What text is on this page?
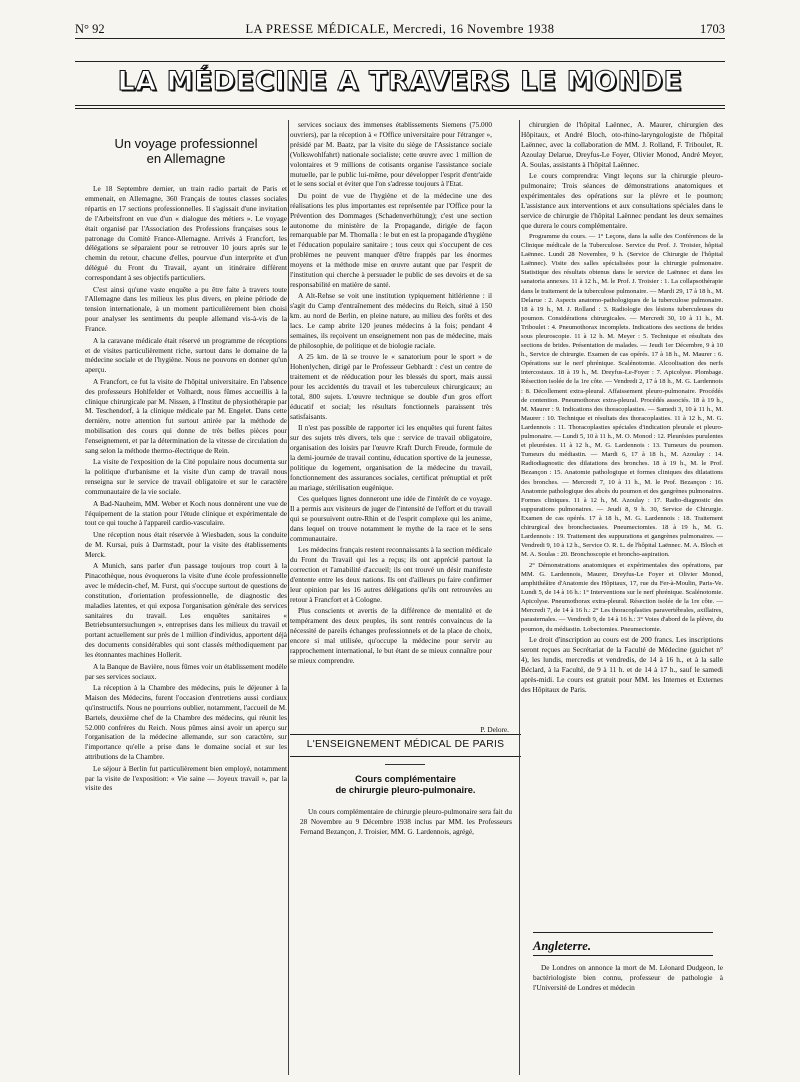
N° 92	LA PRESSE MÉDICALE, Mercredi, 16 Novembre 1938	1703
LA MÉDECINE A TRAVERS LE MONDE
Un voyage professionnel
en Allemagne

Le 18 Septembre dernier, un train radio partait de Paris et emmenait, en Allemagne, 360 Français de toutes classes sociales répartis en 17 sections professionnelles. Il s'agissait d'une invitation de l'Arbeitsfront en vue d'un « dialogue des métiers ». Le voyage était organisé par l'Association des Professions françaises sous le patronage du Comité France-Allemagne. Arrivés à Francfort, les délégations se séparaient pour se retrouver 10 jours après sur le chemin du retour, chacune d'elles, pourvue d'un interprète et d'un délégué du Front du Travail, ayant un itinéraire différent correspondant à ses objectifs particuliers.

C'est ainsi qu'une vaste enquête a pu être faite à travers toute l'Allemagne dans les milieux les plus divers, en pleine période de tension internationale, à un moment particulièrement bien choisi pour analyser les sentiments du peuple allemand vis-à-vis de la France.

A la caravane médicale était réservé un programme de réceptions et de visites particulièrement riche, surtout dans le domaine de la médecine sociale et de l'hygiène. Nous ne pouvons en donner qu'un aperçu.

A Francfort, ce fut la visite de l'hôpital universitaire. En l'absence des professeurs Hohlfelder et Volhardt, nous fûmes accueillis à la clinique chirurgicale par M. Nissen, à l'Institut de physiothérapie par M. Teschendorf, à la clinique médicale par M. Engelet. Dans cette dernière, notre attention fut surtout attirée par la méthode de mobilisation des cours qui donne de très belles pièces pour l'enseignement, et par la détermination de la vitesse de circulation du sang selon la méthode thermo-électrique de Rein.

La visite de l'exposition de la Cité populaire nous documenta sur la politique d'urbanisme et la visite d'un camp de travail nous renseigna sur le service de travail obligatoire et sur le caractère communautaire de la vie sociale.

A Bad-Nauheim, MM. Weber et Koch nous donnèrent une vue de l'équipement de la station pour l'étude clinique et expérimentale de tout ce qui touche à l'appareil cardio-vasculaire.

Une réception nous était réservée à Wiesbaden, sous la conduite de M. Kursai, puis à Darmstadt, pour la visite des établissements Merck.

A Munich, sans parler d'un passage toujours trop court à la Pinacothèque, nous évoquerons la visite d'une école professionnelle avec le médecin-chef, M. Furst, qui s'occupe surtout de questions de constitution, d'orientation professionnelle, de diagnostic des maladies latentes, et qui exposa l'organisation générale des services sanitaires du travail. Les enquêtes sanitaires « Betriebsuntersuchungen », entreprises dans les milieux du travail et portant actuellement sur près de 1 million d'individus, apportent déjà des documents considérables qui sont classés méthodiquement par les étonnantes machines Hollerit.

A la Banque de Bavière, nous fûmes voir un établissement modèle par ses services sociaux.

La réception à la Chambre des médecins, puis le déjeuner à la Maison des Médecins, furent l'occasion d'entretiens aussi cordiaux qu'instructifs. Nous ne pourrions oublier, notamment, l'accueil de M. Bartels, deuxième chef de la Chambre des médecins, qui réunit les 52.000 confrères du Reich. Nous pûmes ainsi avoir un aperçu sur l'organisation de la médecine allemande, sur son caractère, sur l'importance qu'elle a prise dans le domaine social et sur les attributions de la Chambre.

Le séjour à Berlin fut particulièrement bien employé, notamment par la visite de l'exposition: « Vie saine — Joyeux travail », par la visite des

services sociaux des immenses établissements Siemens (75.000 ouvriers), par la réception à « l'Office universitaire pour l'étranger », présidé par M. Baatz, par la visite du siège de l'Assistance sociale (Volkswohlfahrt) nationale socialiste; cette œuvre avec 1 million de volontaires et 9 millions de cotisants organise l'assistance sociale mutuelle, par le public lui-même, pour développer l'esprit d'entr'aide et le sens social et éviter que l'on s'adresse toujours à l'Etat.

Du point de vue de l'hygiène et de la médecine une des réalisations les plus importantes est représentée par l'Office pour la Prévention des Dommages (Schadenverhütung); c'est une section autonome du ministère de la Propagande, dirigée de façon remarquable par M. Thomalla : le but en est la propagande d'hygiène et l'éducation populaire sanitaire ; tous ceux qui s'occupent de ces problèmes ne peuvent manquer d'être frappés par les énormes moyens et la méthode mise en œuvre autant que par l'esprit de l'institution qui cherche à persuader le public de ses devoirs et de sa responsabilité en matière de santé.

A Alt-Rehse se voit une institution typiquement hitlérienne : il s'agit du Camp d'entraînement des médecins du Reich, situé à 150 km. au nord de Berlin, en pleine nature, au milieu des forêts et des lacs. Le camp abrite 120 jeunes médecins à la fois; pendant 4 semaines, ils reçoivent un enseignement non pas de médecine, mais de philosophie, de politique et de biologie raciale.

A 25 km. de là se trouve le « sanatorium pour le sport » de Hohenlychen, dirigé par le Professeur Gebhardt : c'est un centre de traitement et de rééducation pour les blessés du sport, mais aussi pour les accidentés du travail et les tuberculeux chirurgicaux; au total, 800 sujets. L'œuvre technique se double d'un gros effort éducatif et social; les résultats fonctionnels paraissent très satisfaisants.

Il n'est pas possible de rapporter ici les enquêtes qui furent faites sur des sujets très divers, tels que : service de travail obligatoire, organisation des loisirs par l'œuvre Kraft Durch Freude, formule de la demi-journée de travail continu, éducation sportive de la jeunesse, politique du logement, organisation de la médecine du travail, fonctionnement des assurances sociales, certificat prénuptial et prêt au mariage, stérilisation eugénique.

Ces quelques lignes donneront une idée de l'intérêt de ce voyage. Il a permis aux visiteurs de juger de l'intensité de l'effort et du travail qui se poursuivent outre-Rhin et de l'esprit complexe qui les anime, dans lequel on trouve notamment le mythe de la race et le sens communautaire.

Les médecins français restent reconnaissants à la section médicale du Front du Travail qui les a reçus; ils ont apprécié partout la correction et l'amabilité d'accueil; ils ont trouvé un désir manifeste d'entente entre les deux nations. Ils ont d'ailleurs pu faire confirmer leur opinion par les 16 autres délégations qu'ils ont retrouvées au retour à Francfort et à Cologne.

Plus conscients et avertis de la différence de mentalité et de tempérament des deux peuples, ils sont rentrés convaincus de la nécessité de pareils échanges professionnels et de la place de choix, encore si mal utilisée, qu'occupe la médecine pour servir au rapprochement international, le but étant de se mieux connaître pour se mieux comprendre.

P. Delore.
L'ENSEIGNEMENT MÉDICAL DE PARIS
Cours complémentaire
de chirurgie pleuro-pulmonaire.

Un cours complémentaire de chirurgie pleuro-pulmonaire sera fait du 28 Novembre au 9 Décembre 1938 inclus par MM. les Professeurs Fernand Bezançon, J. Troisier, MM. G. Lardennois, agrégé,

chirurgien de l'hôpital Laënnec, A. Maurer, chirurgien des Hôpitaux, et André Bloch, oto-rhino-laryngologiste de l'hôpital Laënnec, avec la collaboration de MM. J. Rolland, F. Triboulet, R. Azoulay Delarue, Dreyfus-Le Foyer, Olivier Monod, André Meyer, A. Soulas, assistants à l'hôpital Laënnec.

Le cours comprendra: Vingt leçons sur la chirurgie pleuro-pulmonaire; Trois séances de démonstrations anatomiques et expérimentales des opérations sur la plèvre et le poumon; L'assistance aux interventions et aux consultations spéciales dans le service de chirurgie de l'hôpital Laënnec pendant les deux semaines que durera le cours complémentaire.

Programme du cours. — 1° Leçons, dans la salle des Conférences de la Clinique médicale de la Tuberculose. Service du Prof. J. Troisier, hôpital Laënnec. Lundi 28 Novembre, 9 h. (Service de Chirurgie de l'hôpital Laënnec). Visite des salles spécialisées pour la chirurgie pulmonaire. Statistique des résultats obtenus dans le service de Laënnec et dans les sanatoria annexes. 11 à 12 h., M. le Prof. J. Troisier : 1. La collapsothérapie dans le traitement de la tuberculose pulmonaire. — Mardi 29, 17 à 18 h., M. Delarue : 2. Aspects anatomo-pathologiques de la tuberculose pulmonaire. 18 à 19 h., M. J. Rolland : 3. Radiologie des lésions tuberculeuses du poumon. Considérations chirurgicales. — Mercredi 30, 10 à 11 h., M. Triboulet : 4. Pneumothorax incomplets. Indications des sections de brides sous pleuroscopie. 11 à 12 h. M. Meyer : 5. Technique et résultats des sections de brides. Présentation de malades. — Jeudi 1er Décembre, 9 à 10 h., Service de chirurgie. Examen de cas opérés. 17 à 18 h., M. Maurer : 6. Opérations sur le nerf phrénique. Scalénotomie. Alcoolisation des nerfs intercostaux. 18 à 19 h., M. Dreyfus-Le-Foyer : 7. Apicolyse. Plombage. Résection isolée de la 1re côte. — Vendredi 2, 17 à 18 h., M. G. Lardennois : 8. Décollement extra-pleural. Affaissement pleuro-pulmonaire. Procédés de contention. Pneumothorax extra-pleural. Procédés associés. 18 à 19 h., M. Maurer : 9. Indications des thoracoplasties. — Samedi 3, 10 à 11 h., M. Maurer : 10. Technique et résultats des thoracoplasties. 11 à 12 h., M. G. Lardennois : 11. Thoracoplasties spéciales d'indication pleurale et pleuro-pulmonaire. — Lundi 5, 10 à 11 h., M. O. Monod : 12. Pleurésies purulentes et pleurésies. 11 à 12 h., M. G. Lardennois : 13. Tumeurs du poumon. Tumeurs du médiastin. — Mardi 6, 17 à 18 h., M. Azoulay : 14. Radiodiagnostic des dilatations des bronches. 18 à 19 h., M. le Prof. Bezançon : 15. Anatomie pathologique et formes cliniques des dilatations des bronches. — Mercredi 7, 10 à 11 h., M. le Prof. Bezançon : 16. Anatomie pathologique des abcès du poumon et des gangrènes pulmonaires. Formes cliniques. 11 à 12 h., M. Azoulay : 17. Radio-diagnostic des suppurations pulmonaires. — Jeudi 8, 9 h. 30, Service de Chirurgie. Examen de cas opérés. 17 à 18 h., M. G. Lardennois : 18. Traitement chirurgical des bronchectasies. Pneumectomies. 18 à 19 h., M. G. Lardennois : 19. Traitement des suppurations et gangrènes pulmonaires. — Vendredi 9, 10 à 12 h., Service O. R. L. de l'hôpital Laënnec. M. A. Bloch et M. A. Soulas : 20. Bronchoscopie et broncho-aspiration.

2° Démonstrations anatomiques et expérimentales des opérations, par MM. G. Lardennois, Maurer, Dreyfus-Le Foyer et Olivier Monod, amphithéâtre d'Anatomie des Hôpitaux, 17, rue du Fer-à-Moulin, Paris-Ve. Lundi 5, de 14 à 16 h.: 1° Interventions sur le nerf phrénique. Scalénotomie. Apicolyse. Pneumothorax extra-pleural. Résection isolée de la 1re côte. — Mercredi 7, de 14 à 16 h.: 2° Les thoracoplasties paravertébrales, axillaires, parasternales. — Vendredi 9, de 14 à 16 h.: 3° Voies d'abord de la plèvre, du poumon, du médiastin. Lobectomies. Pneumectomie.

Le droit d'inscription au cours est de 200 francs. Les inscriptions seront reçues au Secrétariat de la Faculté de Médecine (guichet n° 4), les lundis, mercredis et vendredis, de 14 à 16 h., et à la salle Béclard, à la Faculté, de 9 à 11 h. et de 14 à 17 h., sauf le samedi après-midi. Le cours est gratuit pour MM. les Internes et Externes des Hôpitaux de Paris.

Angleterre.

De Londres on annonce la mort de M. Léonard Dudgeon, le bactériologiste bien connu, professeur de pathologie à l'Université de Londres et médecin
